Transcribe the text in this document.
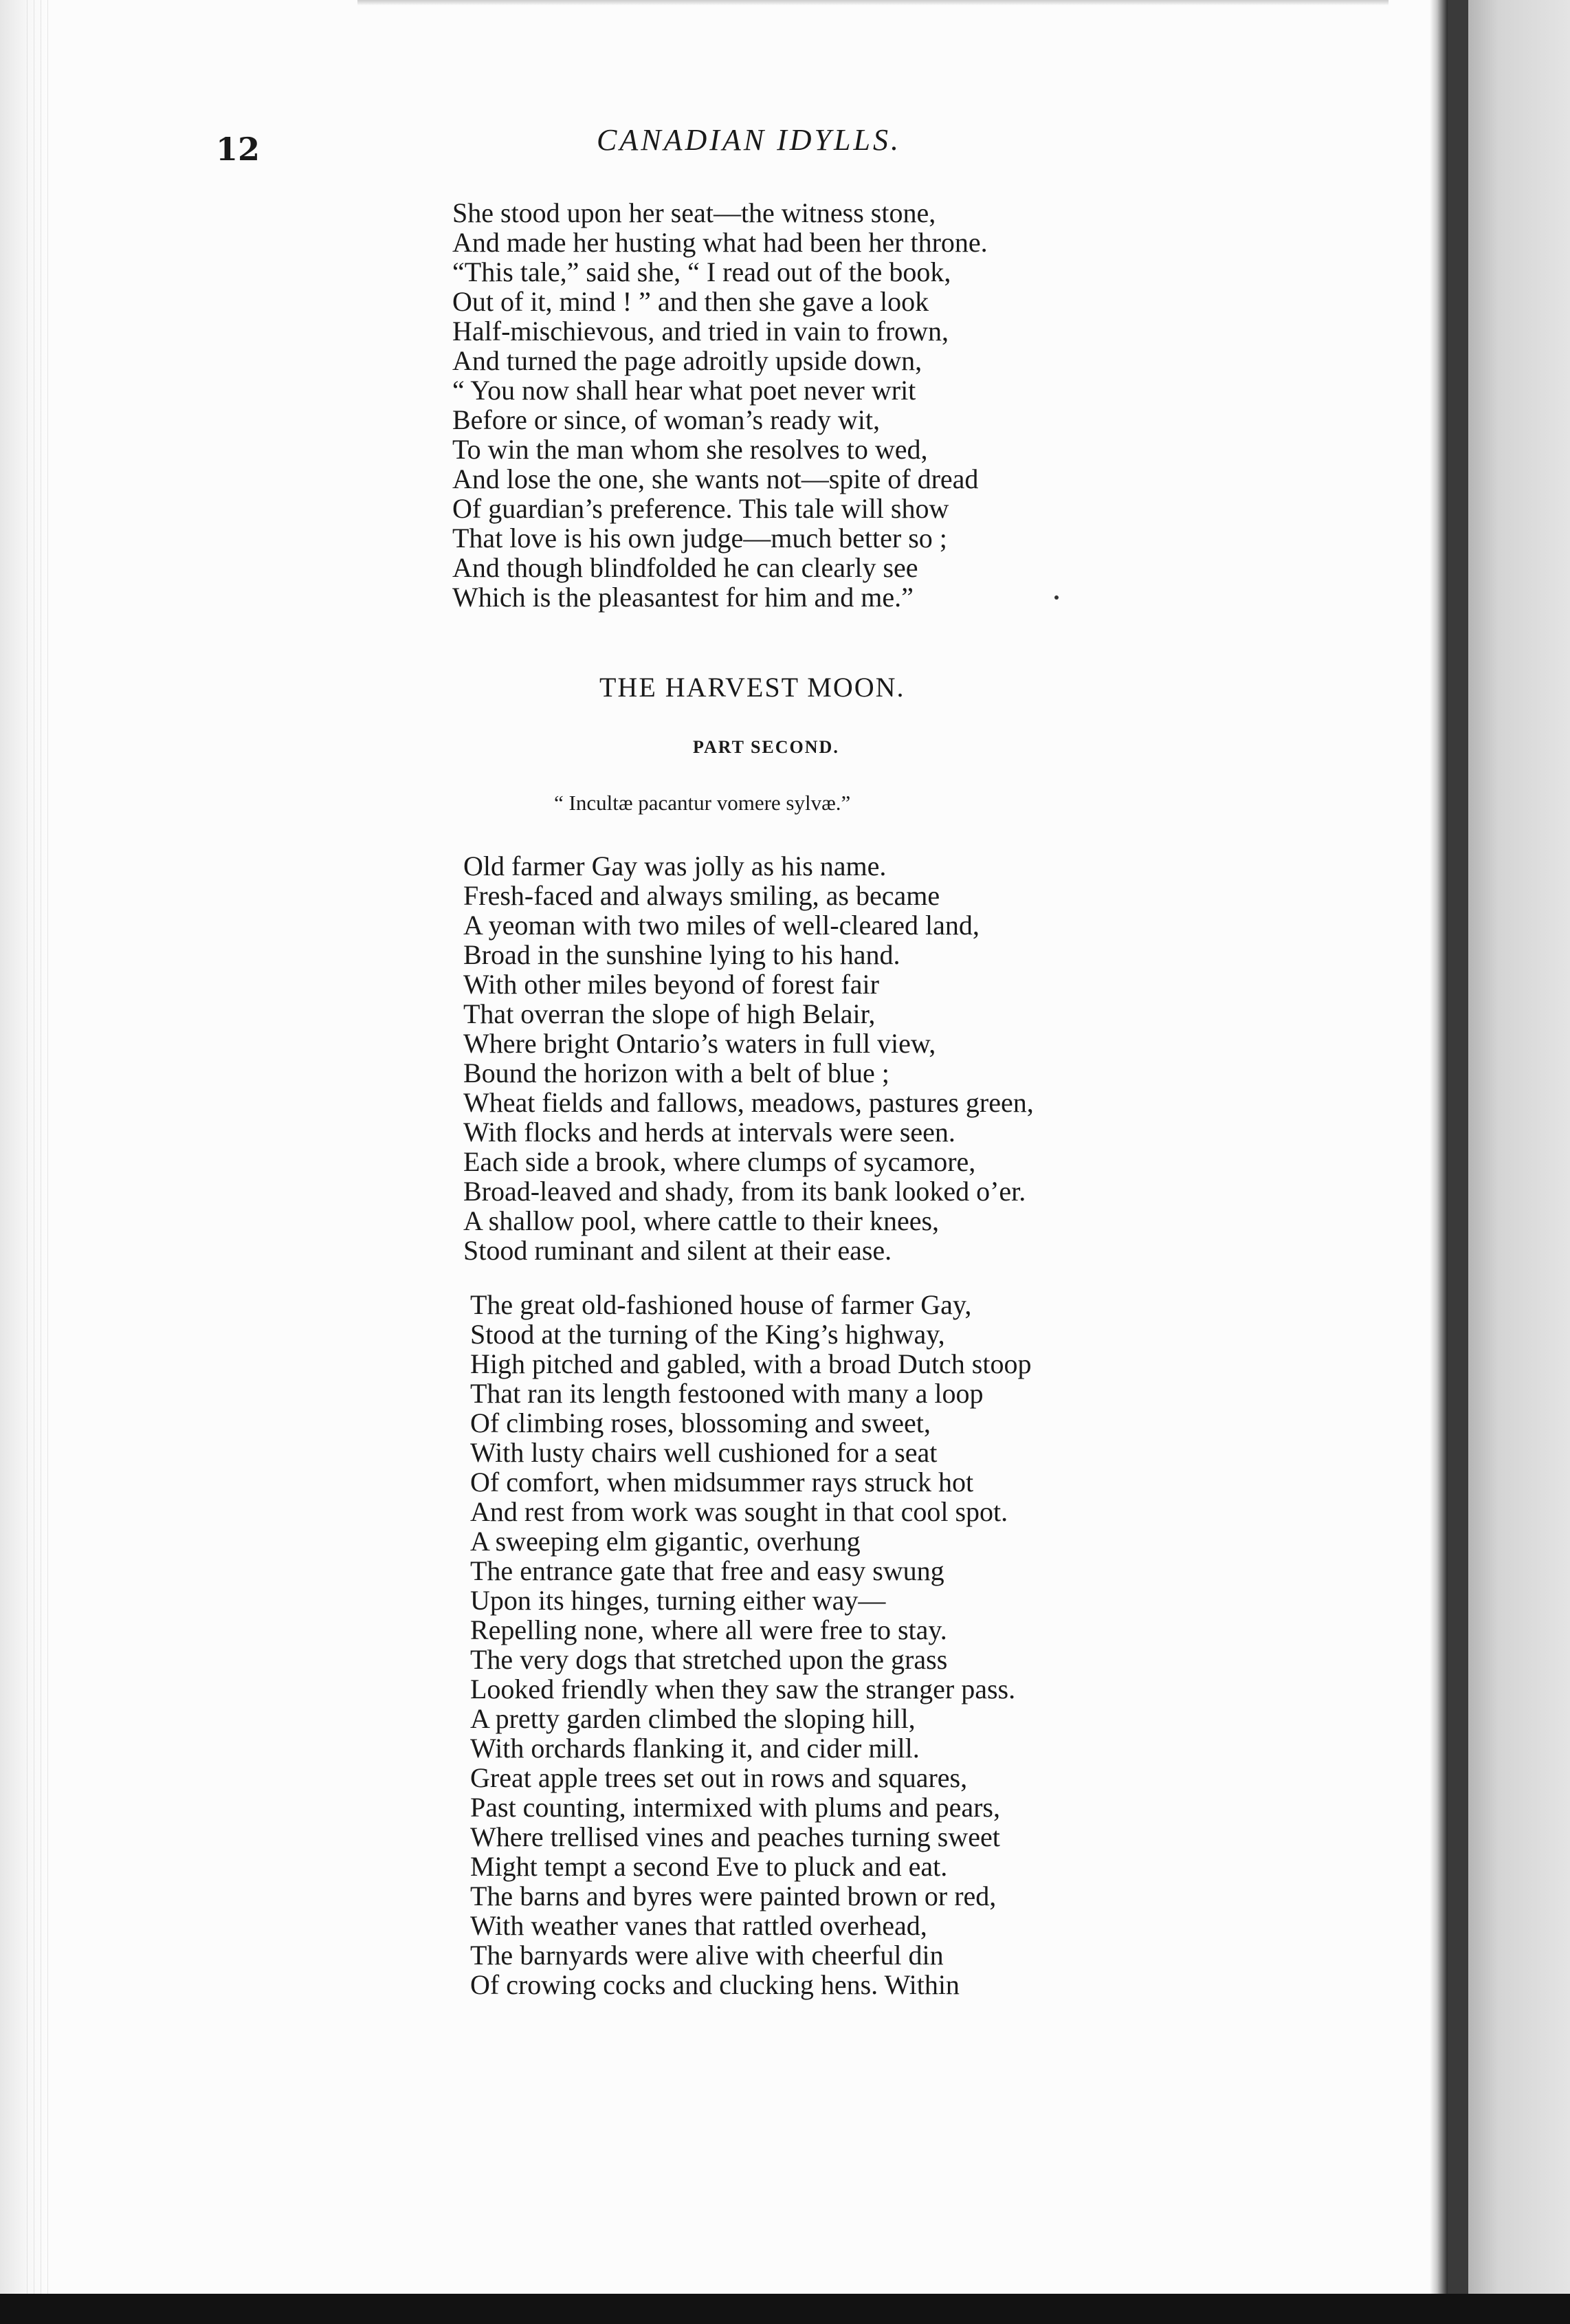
12	CANADIAN IDYLLS.
She stood upon her seat—the witness stone,
And made her husting what had been her throne.
“This tale,” said she, “ I read out of the book,
Out of it, mind ! ” and then she gave a look
Half-mischievous, and tried in vain to frown,
And turned the page adroitly upside down,
“ You now shall hear what poet never writ
Before or since, of woman’s ready wit,
To win the man whom she resolves to wed,
And lose the one, she wants not—spite of dread
Of guardian’s preference. This tale will show
That love is his own judge—much better so ;
And though blindfolded he can clearly see
Which is the pleasantest for him and me.”
THE HARVEST MOON.
PART SECOND.
“ Incultæ pacantur vomere sylvæ.”
Old farmer Gay was jolly as his name.
Fresh-faced and always smiling, as became
A yeoman with two miles of well-cleared land,
Broad in the sunshine lying to his hand.
With other miles beyond of forest fair
That overran the slope of high Belair,
Where bright Ontario’s waters in full view,
Bound the horizon with a belt of blue ;
Wheat fields and fallows, meadows, pastures green,
With flocks and herds at intervals were seen.
Each side a brook, where clumps of sycamore,
Broad-leaved and shady, from its bank looked o’er.
A shallow pool, where cattle to their knees,
Stood ruminant and silent at their ease.
The great old-fashioned house of farmer Gay,
Stood at the turning of the King’s highway,
High pitched and gabled, with a broad Dutch stoop
That ran its length festooned with many a loop
Of climbing roses, blossoming and sweet,
With lusty chairs well cushioned for a seat
Of comfort, when midsummer rays struck hot
And rest from work was sought in that cool spot.
A sweeping elm gigantic, overhung
The entrance gate that free and easy swung
Upon its hinges, turning either way—
Repelling none, where all were free to stay.
The very dogs that stretched upon the grass
Looked friendly when they saw the stranger pass.
A pretty garden climbed the sloping hill,
With orchards flanking it, and cider mill.
Great apple trees set out in rows and squares,
Past counting, intermixed with plums and pears,
Where trellised vines and peaches turning sweet
Might tempt a second Eve to pluck and eat.
The barns and byres were painted brown or red,
With weather vanes that rattled overhead,
The barnyards were alive with cheerful din
Of crowing cocks and clucking hens. Within
